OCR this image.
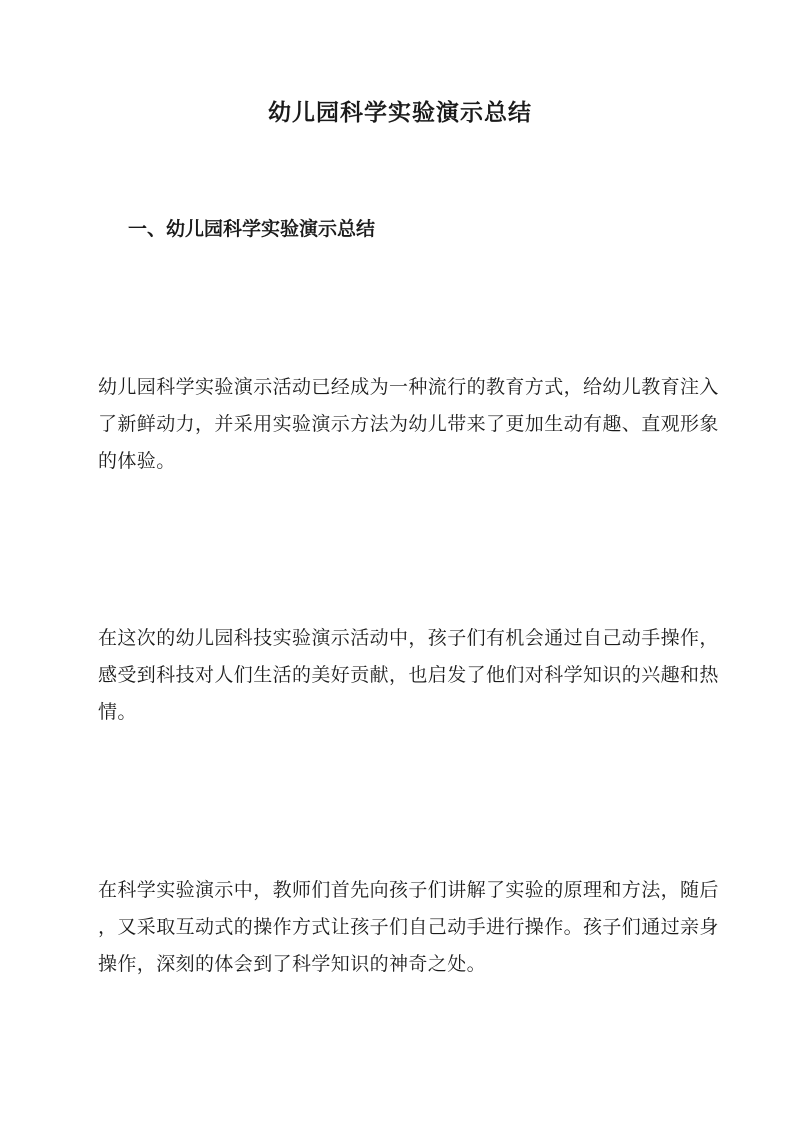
幼儿园科学实验演示总结
一、幼儿园科学实验演示总结

幼儿园科学实验演示活动已经成为一种流行的教育方式，给幼儿教育注入
了新鲜动力，并采用实验演示方法为幼儿带来了更加生动有趣、直观形象
的体验。

在这次的幼儿园科技实验演示活动中，孩子们有机会通过自己动手操作，
感受到科技对人们生活的美好贡献，也启发了他们对科学知识的兴趣和热
情。

在科学实验演示中，教师们首先向孩子们讲解了实验的原理和方法，随后
，又采取互动式的操作方式让孩子们自己动手进行操作。孩子们通过亲身
操作，深刻的体会到了科学知识的神奇之处。
